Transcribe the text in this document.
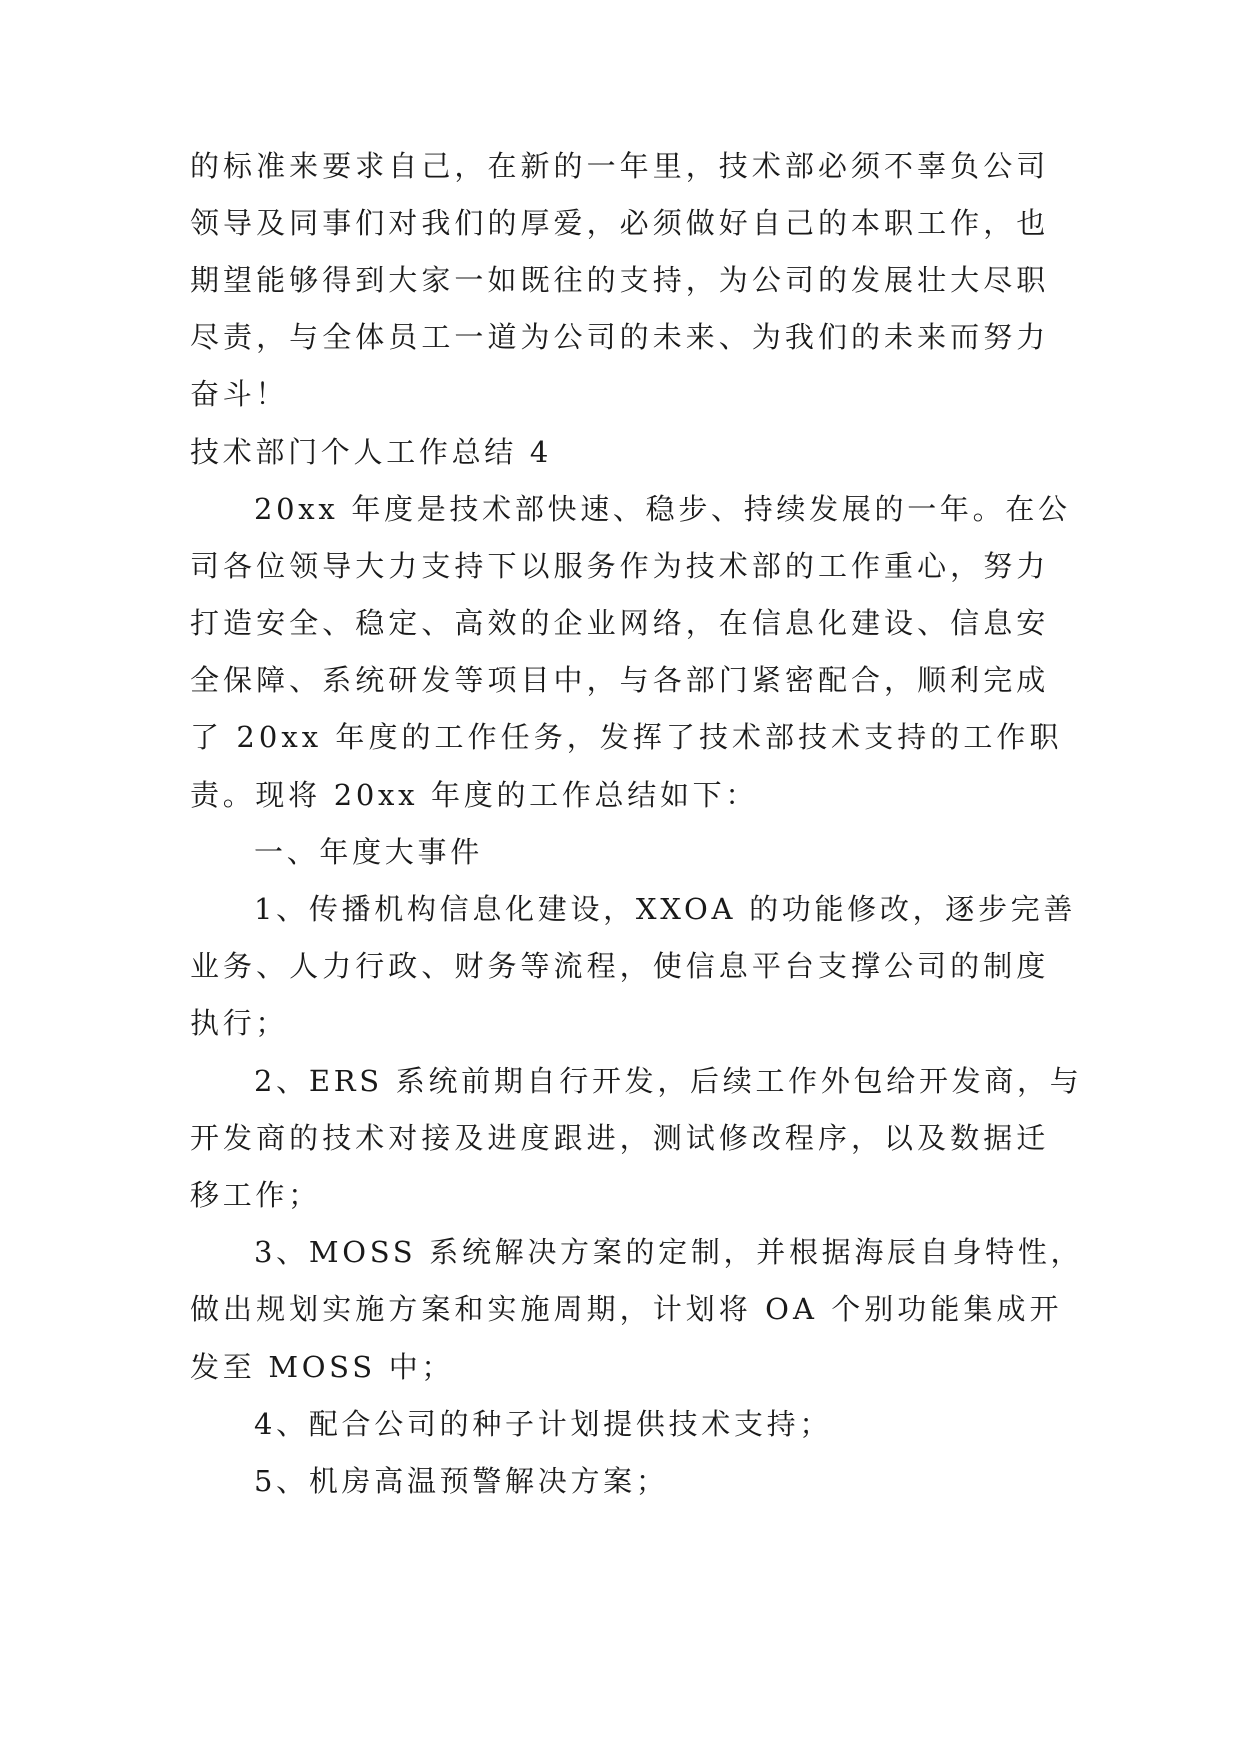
的标准来要求自己，在新的一年里，技术部必须不辜负公司
领导及同事们对我们的厚爱，必须做好自己的本职工作，也
期望能够得到大家一如既往的支持，为公司的发展壮大尽职
尽责，与全体员工一道为公司的未来、为我们的未来而努力
奋斗！
技术部门个人工作总结 4
20xx 年度是技术部快速、稳步、持续发展的一年。在公
司各位领导大力支持下以服务作为技术部的工作重心，努力
打造安全、稳定、高效的企业网络，在信息化建设、信息安
全保障、系统研发等项目中，与各部门紧密配合，顺利完成
了 20xx 年度的工作任务，发挥了技术部技术支持的工作职
责。现将 20xx 年度的工作总结如下：
一、年度大事件
1、传播机构信息化建设，XXOA 的功能修改，逐步完善
业务、人力行政、财务等流程，使信息平台支撑公司的制度
执行；
2、ERS 系统前期自行开发，后续工作外包给开发商，与
开发商的技术对接及进度跟进，测试修改程序，以及数据迁
移工作；
3、MOSS 系统解决方案的定制，并根据海辰自身特性，
做出规划实施方案和实施周期，计划将 OA 个别功能集成开
发至 MOSS 中；
4、配合公司的种子计划提供技术支持；
5、机房高温预警解决方案；
